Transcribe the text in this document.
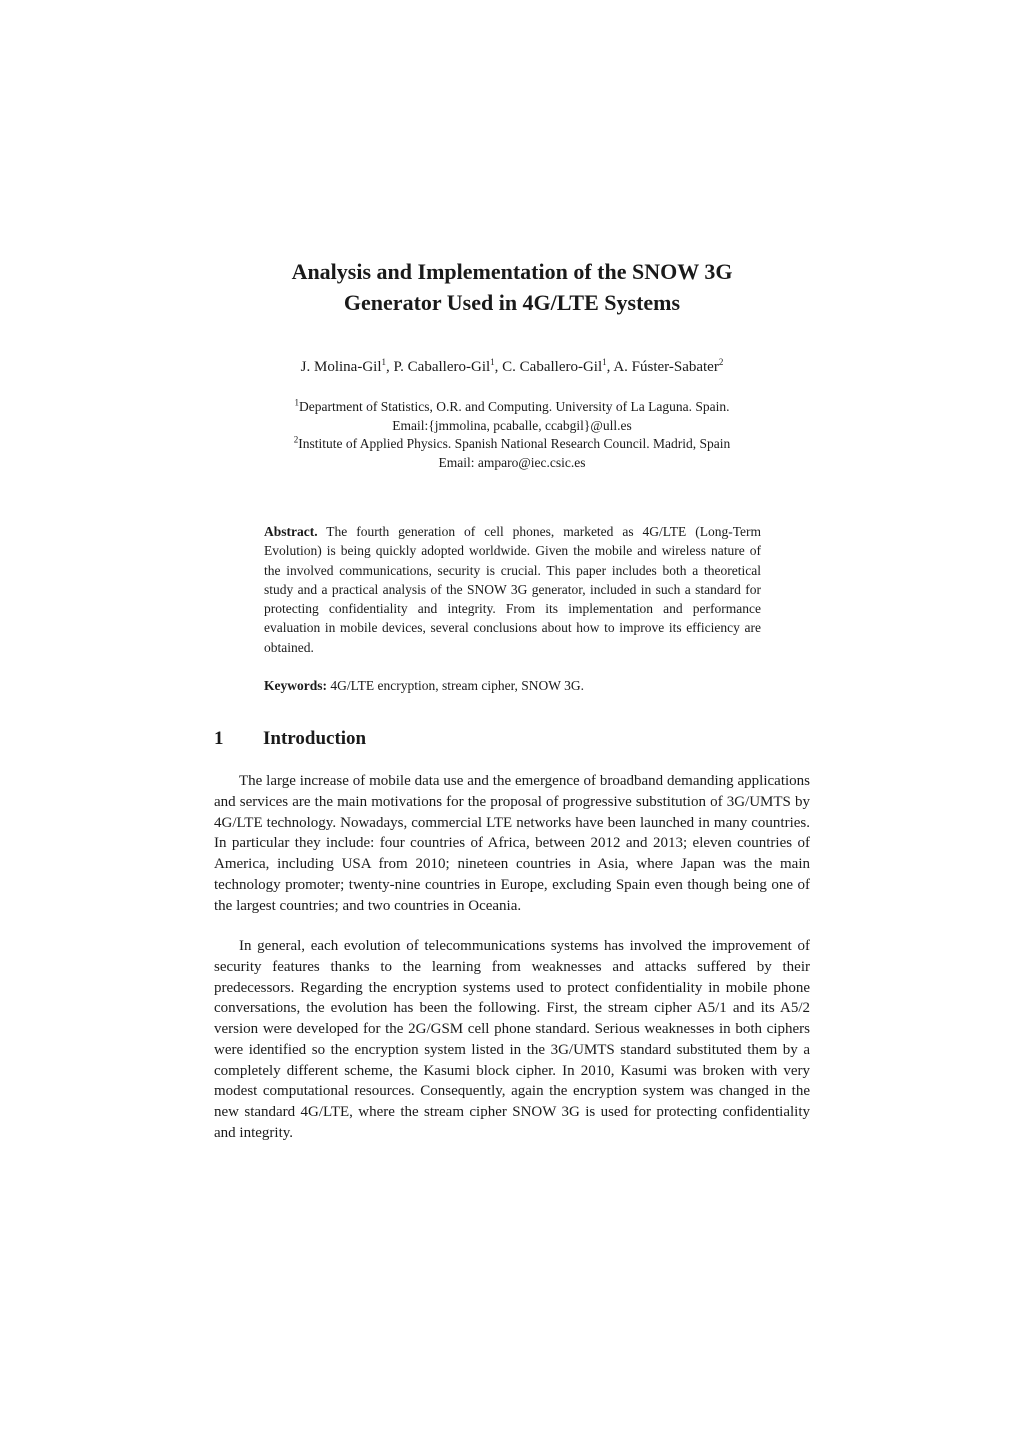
Analysis and Implementation of the SNOW 3G
Generator Used in 4G/LTE Systems
J. Molina-Gil$^1$, P. Caballero-Gil$^1$, C. Caballero-Gil$^1$, A. Fúster-Sabater$^2$
$^1$Department of Statistics, O.R. and Computing. University of La Laguna. Spain.
Email:{jmmolina, pcaballe, ccabgil}@ull.es
$^2$Institute of Applied Physics. Spanish National Research Council. Madrid, Spain
Email: amparo@iec.csic.es

Abstract. The fourth generation of cell phones, marketed as 4G/LTE (Long-Term Evolution) is being quickly adopted worldwide. Given the mobile and wireless nature of the involved communications, security is crucial. This paper includes both a theoretical study and a practical analysis of the SNOW 3G generator, included in such a standard for protecting confidentiality and integrity. From its implementation and performance evaluation in mobile devices, several conclusions about how to improve its efficiency are obtained.

Keywords: 4G/LTE encryption, stream cipher, SNOW 3G.

1 Introduction

The large increase of mobile data use and the emergence of broadband demanding applications and services are the main motivations for the proposal of progressive substitution of 3G/UMTS by 4G/LTE technology. Nowadays, commercial LTE networks have been launched in many countries. In particular they include: four countries of Africa, between 2012 and 2013; eleven countries of America, including USA from 2010; nineteen countries in Asia, where Japan was the main technology promoter; twenty-nine countries in Europe, excluding Spain even though being one of the largest countries; and two countries in Oceania.

In general, each evolution of telecommunications systems has involved the improvement of security features thanks to the learning from weaknesses and attacks suffered by their predecessors. Regarding the encryption systems used to protect confidentiality in mobile phone conversations, the evolution has been the following. First, the stream cipher A5/1 and its A5/2 version were developed for the 2G/GSM cell phone standard. Serious weaknesses in both ciphers were identified so the encryption system listed in the 3G/UMTS standard substituted them by a completely different scheme, the Kasumi block cipher. In 2010, Kasumi was broken with very modest computational resources. Consequently, again the encryption system was changed in the new standard 4G/LTE, where the stream cipher SNOW 3G is used for protecting confidentiality and integrity.
